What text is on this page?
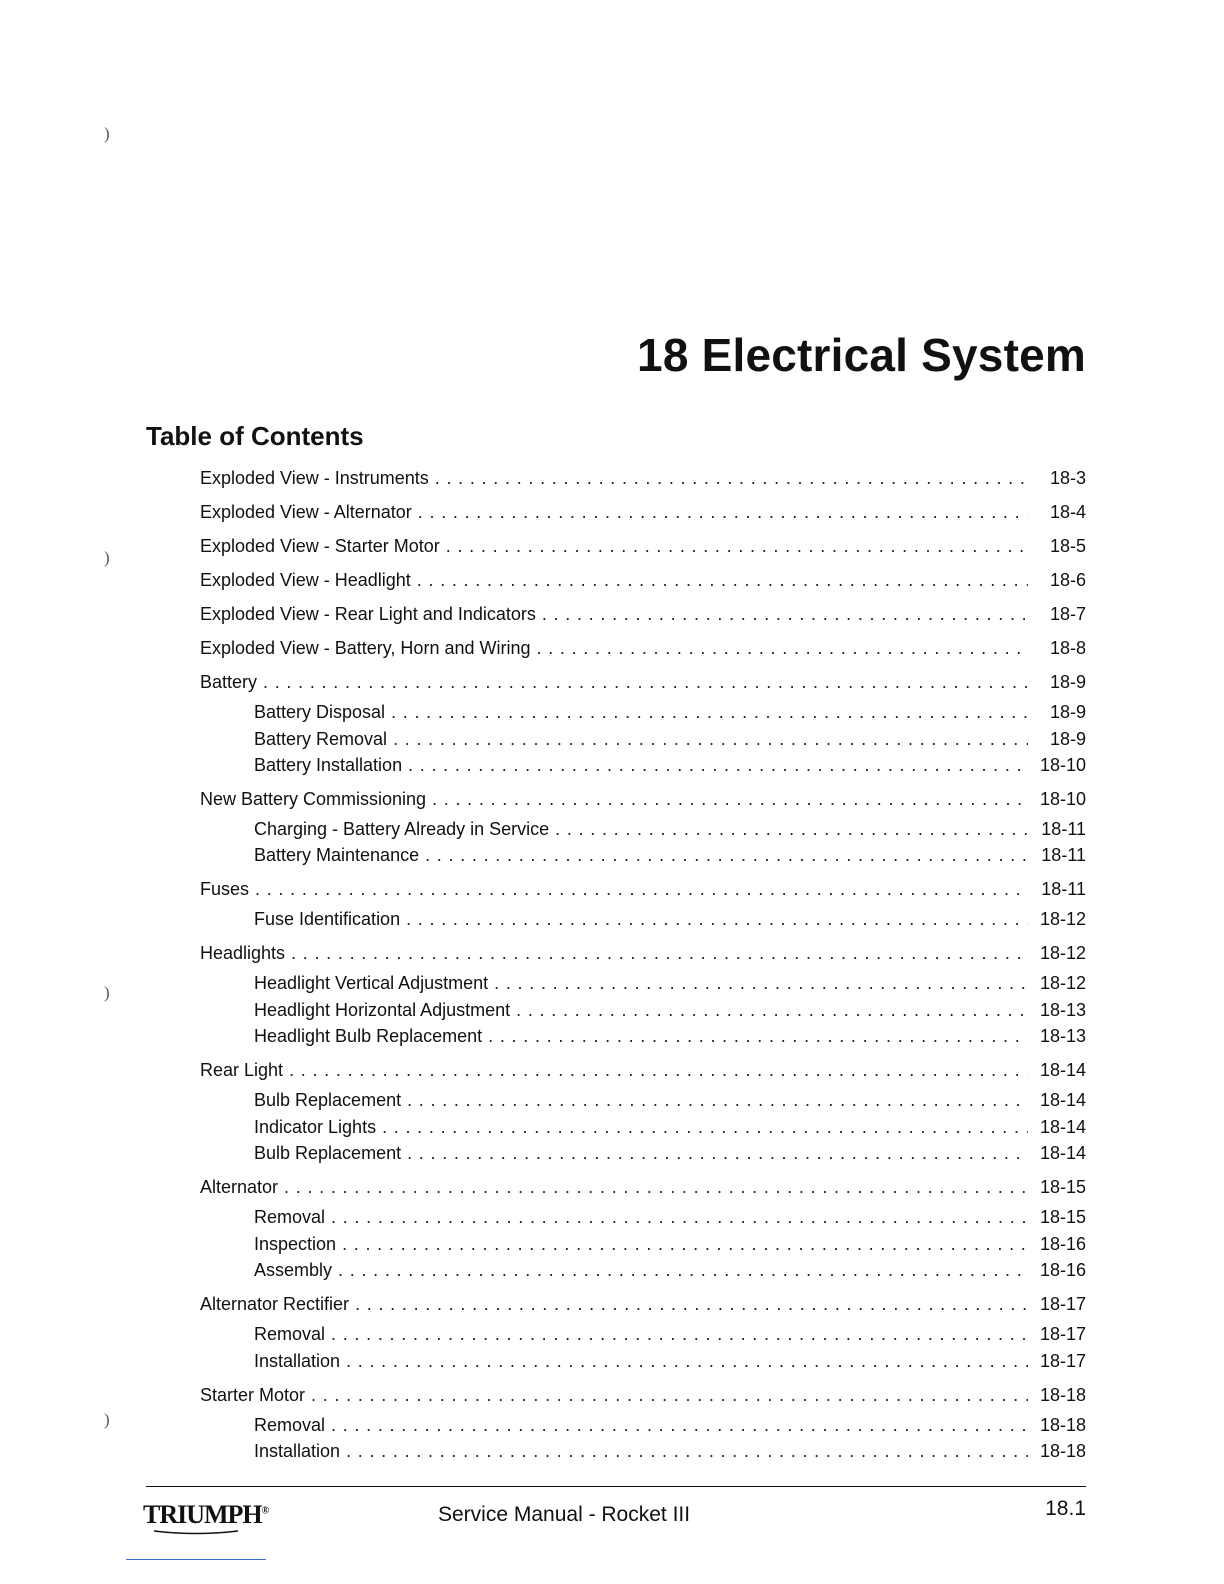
18 Electrical System
Table of Contents
Exploded View - Instruments . . .	18-3
Exploded View - Alternator . . .	18-4
Exploded View - Starter Motor . . .	18-5
Exploded View - Headlight . . .	18-6
Exploded View - Rear Light and Indicators . . .	18-7
Exploded View - Battery, Horn and Wiring . . .	18-8
Battery . . .	18-9
Battery Disposal . . .	18-9
Battery Removal . . .	18-9
Battery Installation . . .	18-10
New Battery Commissioning . . .	18-10
Charging - Battery Already in Service . . .	18-11
Battery Maintenance . . .	18-11
Fuses . . .	18-11
Fuse Identification . . .	18-12
Headlights . . .	18-12
Headlight Vertical Adjustment . . .	18-12
Headlight Horizontal Adjustment . . .	18-13
Headlight Bulb Replacement . . .	18-13
Rear Light . . .	18-14
Bulb Replacement . . .	18-14
Indicator Lights . . .	18-14
Bulb Replacement . . .	18-14
Alternator . . .	18-15
Removal . . .	18-15
Inspection . . .	18-16
Assembly . . .	18-16
Alternator Rectifier . . .	18-17
Removal . . .	18-17
Installation . . .	18-17
Starter Motor . . .	18-18
Removal . . .	18-18
Installation . . .	18-18
)
)
)
)
TRIUMPH®	Service Manual - Rocket III	18.1
